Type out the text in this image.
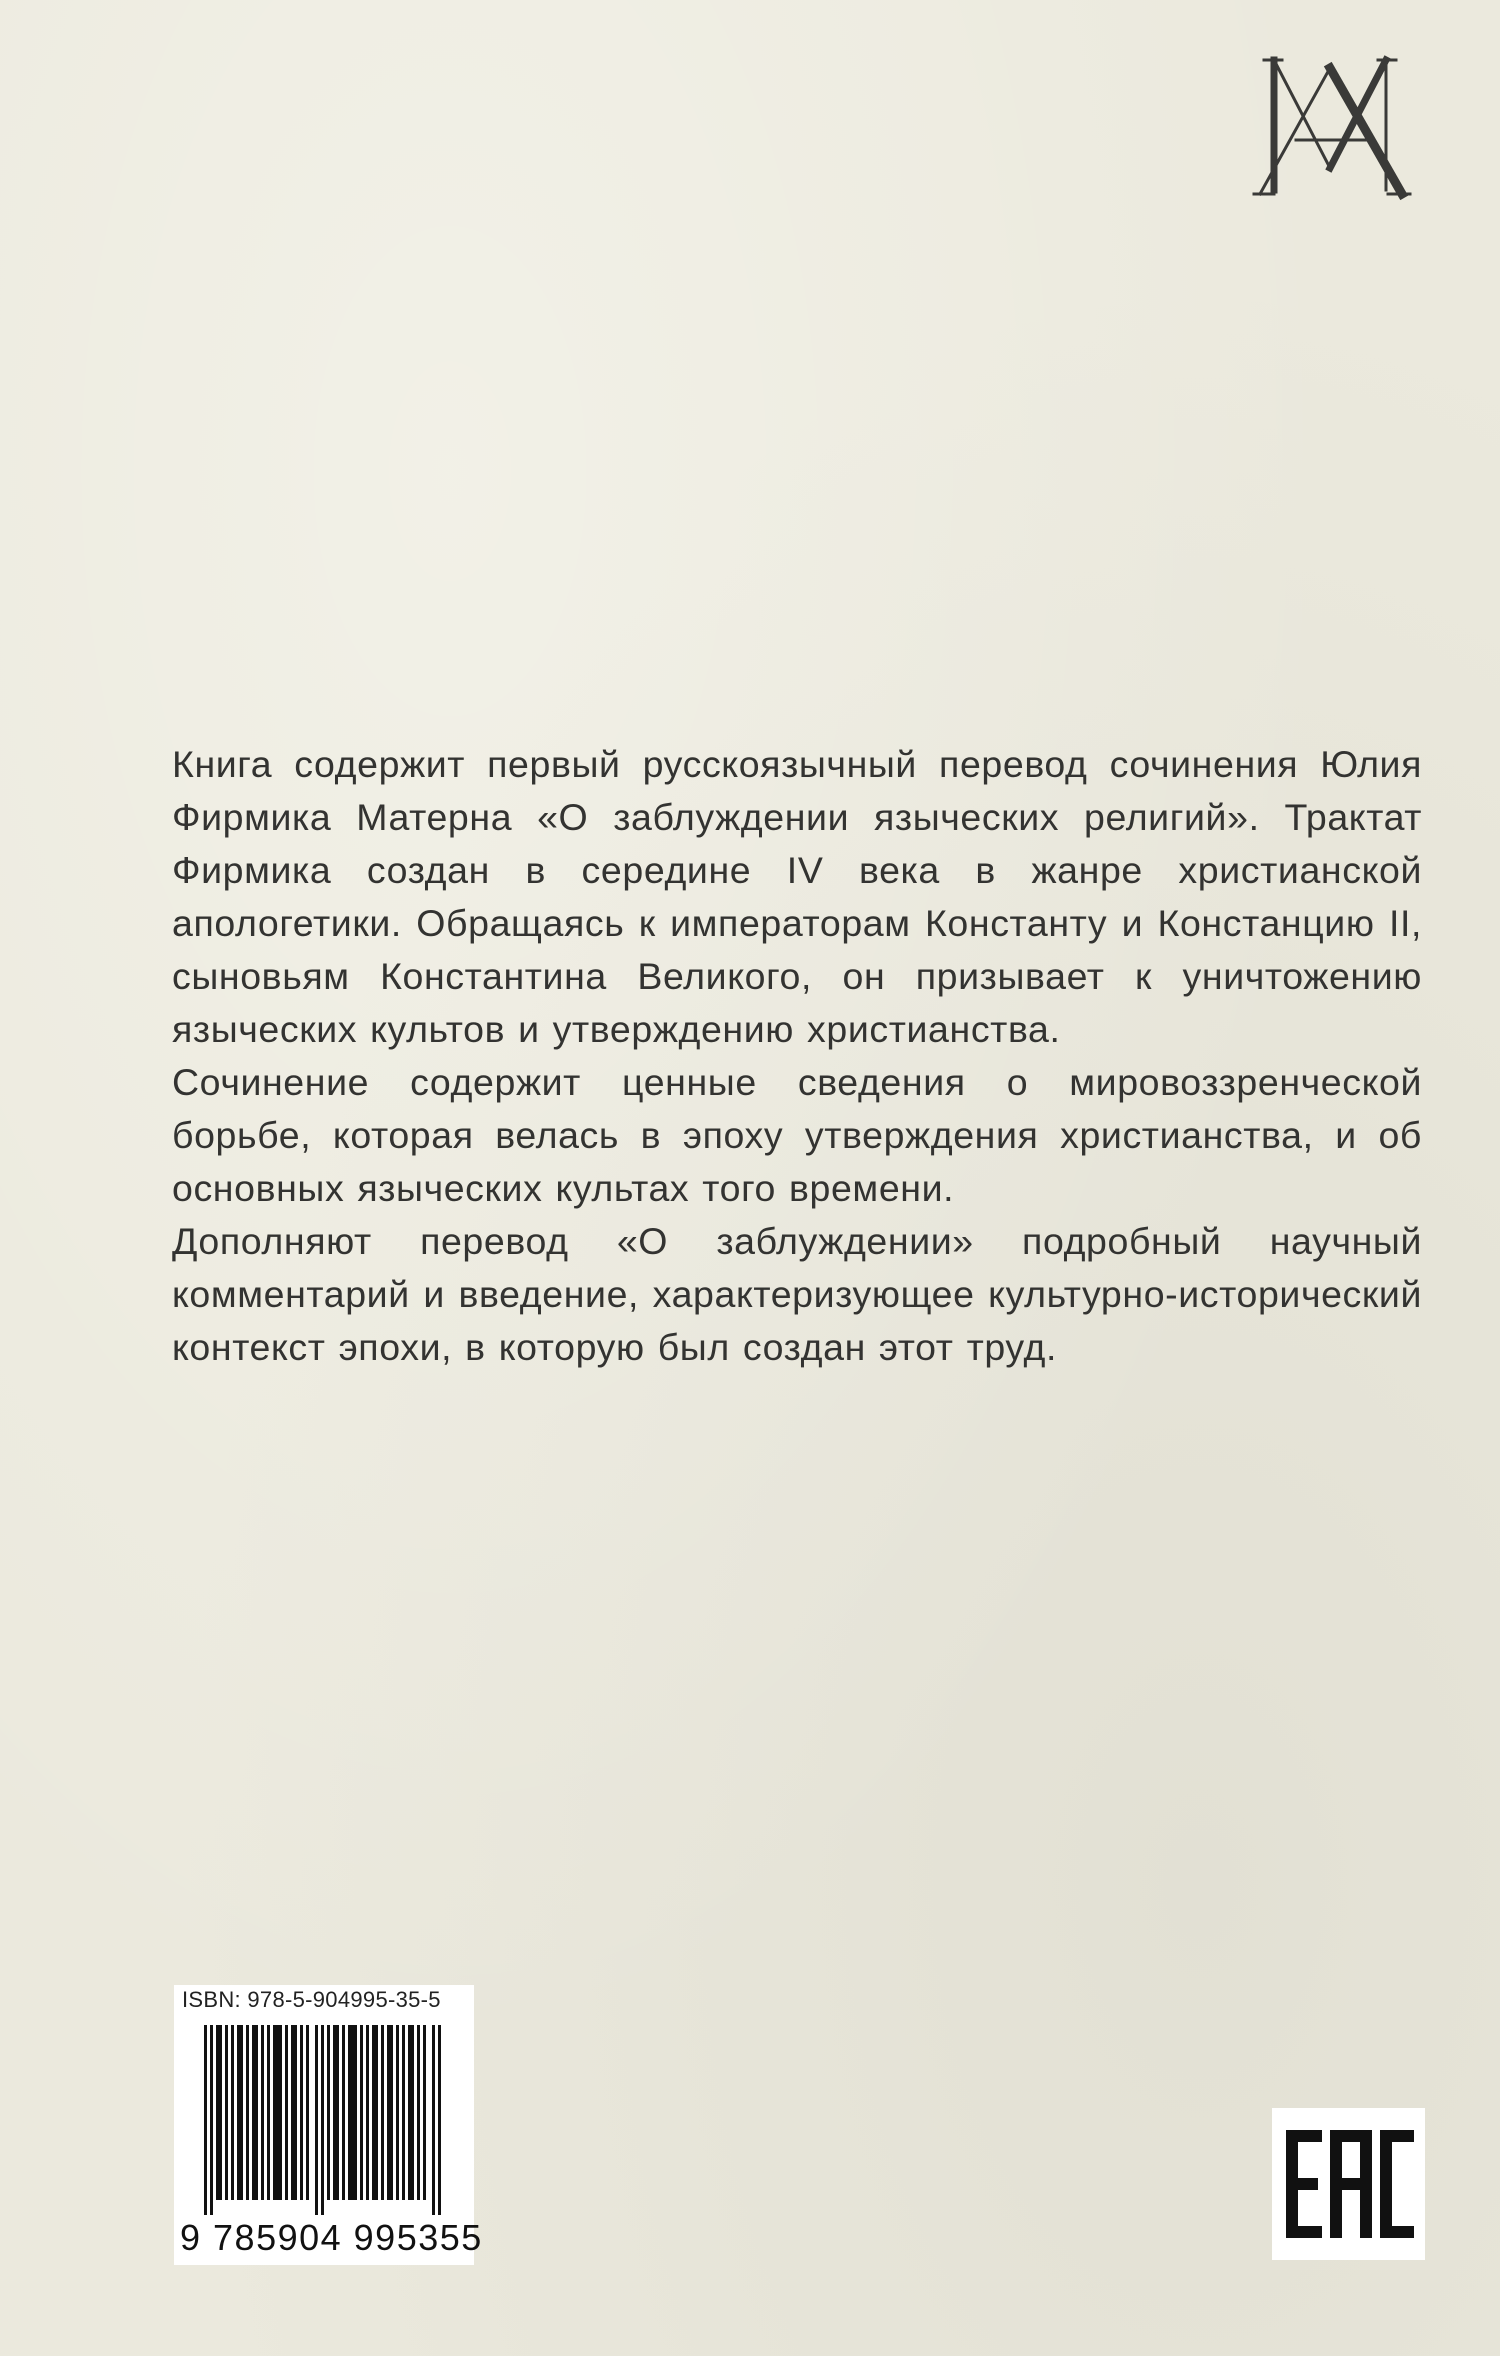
Книга содержит первый русскоязычный перевод сочинения Юлия Фирмика Матерна «О заблуждении языческих религий». Трактат Фирмика создан в середине IV века в жанре христианской апологетики. Обращаясь к императорам Константу и Констанцию II, сыновьям Константина Великого, он призывает к уничтожению языческих культов и утверждению христианства.

Сочинение содержит ценные сведения о мировоззренческой борьбе, которая велась в эпоху утверждения христианства, и об основных языческих культах того времени.

Дополняют перевод «О заблуждении» подробный научный комментарий и введение, характеризующее культурно-исторический контекст эпохи, в которую был создан этот труд.

ISBN: 978-5-904995-35-5
9 785904 995355
